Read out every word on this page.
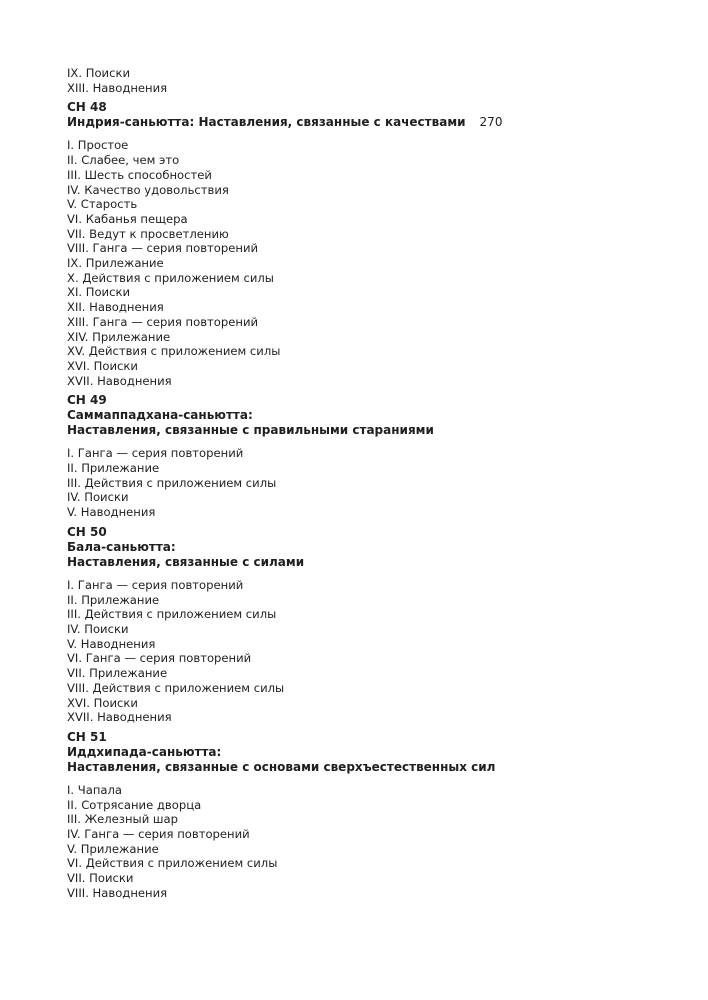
IX. Поиски
XIII. Наводнения
CH 48
Индрия-саньютта: Наставления, связанные с качествами 270
I. Простое
II. Слабее, чем это
III. Шесть способностей
IV. Качество удовольствия
V. Старость
VI. Кабанья пещера
VII. Ведут к просветлению
VIII. Ганга — серия повторений
IX. Прилежание
X. Действия с приложением силы
XI. Поиски
XII. Наводнения
XIII. Ганга — серия повторений
XIV. Прилежание
XV. Действия с приложением силы
XVI. Поиски
XVII. Наводнения
CH 49
Саммаппадхана-саньютта:
Наставления, связанные с правильными стараниями
I. Ганга — серия повторений
II. Прилежание
III. Действия с приложением силы
IV. Поиски
V. Наводнения
CH 50
Бала-саньютта:
Наставления, связанные с силами
I. Ганга — серия повторений
II. Прилежание
III. Действия с приложением силы
IV. Поиски
V. Наводнения
VI. Ганга — серия повторений
VII. Прилежание
VIII. Действия с приложением силы
XVI. Поиски
XVII. Наводнения
CH 51
Иддхипада-саньютта:
Наставления, связанные с основами сверхъестественных сил
I. Чапала
II. Сотрясание дворца
III. Железный шар
IV. Ганга — серия повторений
V. Прилежание
VI. Действия с приложением силы
VII. Поиски
VIII. Наводнения
